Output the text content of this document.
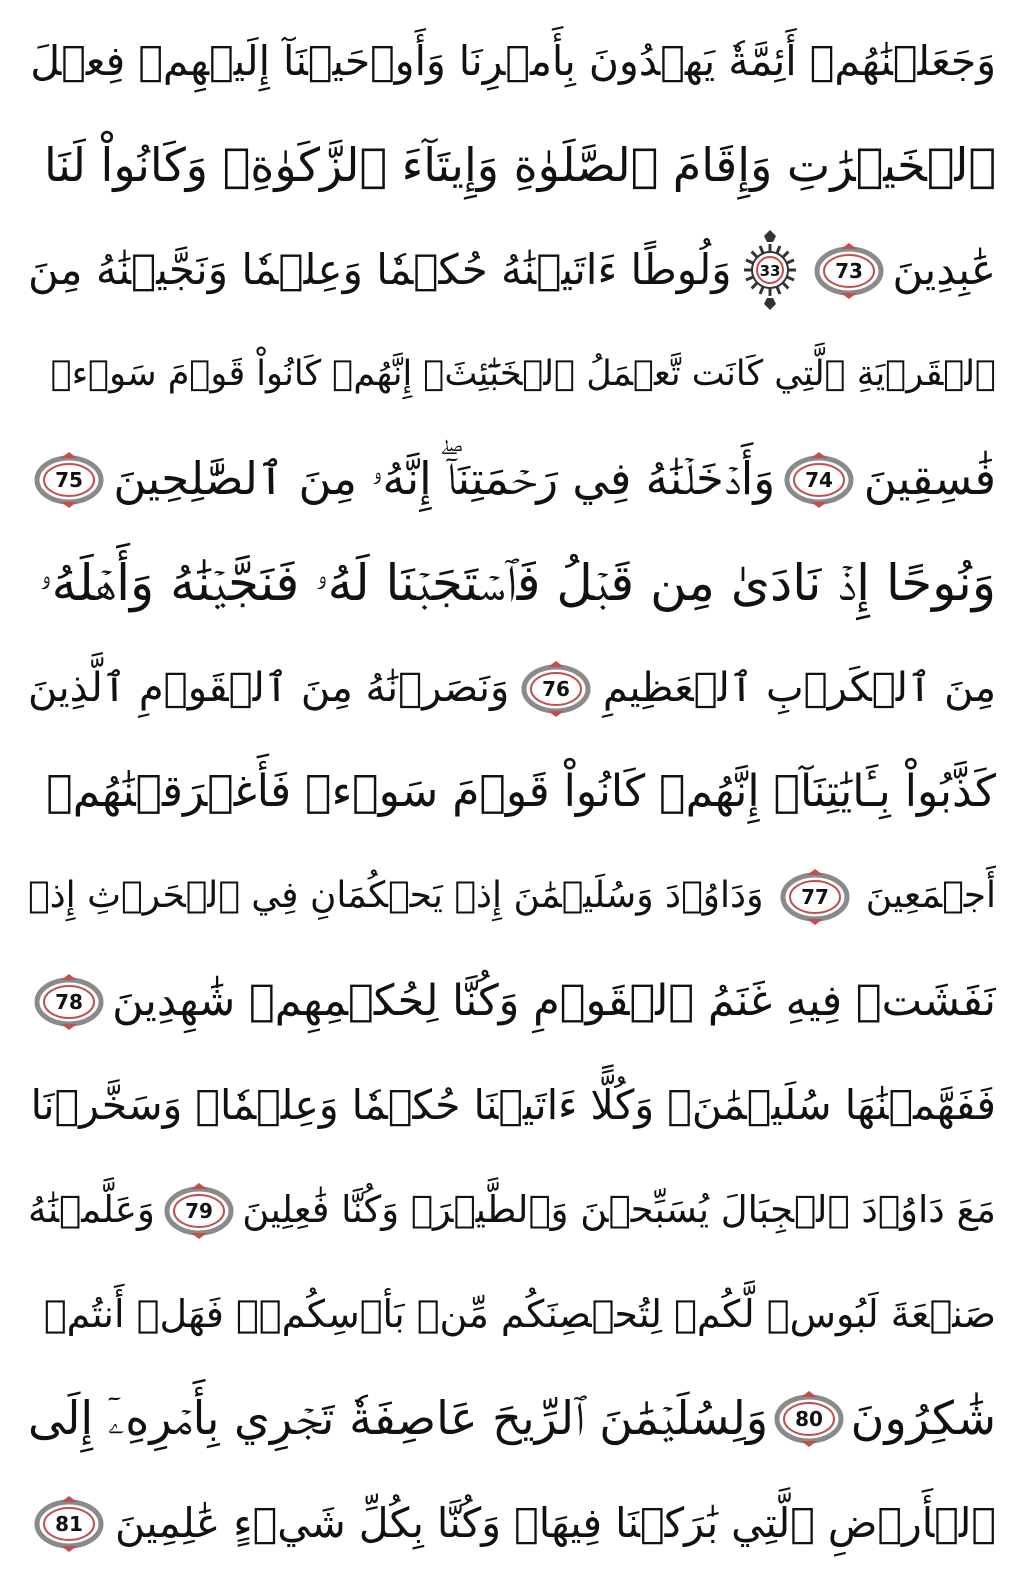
وَجَعَلۡنَٰهُمۡ أَئِمَّةٗ يَهۡدُونَ بِأَمۡرِنَا وَأَوۡحَيۡنَآ إِلَيۡهِمۡ فِعۡلَ
ٱلۡخَيۡرَٰتِ وَإِقَامَ ٱلصَّلَوٰةِ وَإِيتَآءَ ٱلزَّكَوٰةِۖ وَكَانُواْ لَنَا
عَٰبِدِينَ
73
33
وَلُوطًا ءَاتَيۡنَٰهُ حُكۡمٗا وَعِلۡمٗا وَنَجَّيۡنَٰهُ مِنَ
ٱلۡقَرۡيَةِ ٱلَّتِي كَانَت تَّعۡمَلُ ٱلۡخَبَٰٓئِثَۚ إِنَّهُمۡ كَانُواْ قَوۡمَ سَوۡءٖ
فَٰسِقِينَ
74
وَأَدۡخَلۡنَٰهُ فِي رَحۡمَتِنَآۖ إِنَّهُۥ مِنَ ٱلصَّٰلِحِينَ
75
وَنُوحًا إِذۡ نَادَىٰ مِن قَبۡلُ فَٱسۡتَجَبۡنَا لَهُۥ فَنَجَّيۡنَٰهُ وَأَهۡلَهُۥ
مِنَ ٱلۡكَرۡبِ ٱلۡعَظِيمِ
76
وَنَصَرۡنَٰهُ مِنَ ٱلۡقَوۡمِ ٱلَّذِينَ
كَذَّبُواْ بِـَٔايَٰتِنَآۚ إِنَّهُمۡ كَانُواْ قَوۡمَ سَوۡءٖ فَأَغۡرَقۡنَٰهُمۡ
أَجۡمَعِينَ
77
وَدَاوُۥدَ وَسُلَيۡمَٰنَ إِذۡ يَحۡكُمَانِ فِي ٱلۡحَرۡثِ إِذۡ
نَفَشَتۡ فِيهِ غَنَمُ ٱلۡقَوۡمِ وَكُنَّا لِحُكۡمِهِمۡ شَٰهِدِينَ
78
فَفَهَّمۡنَٰهَا سُلَيۡمَٰنَۚ وَكُلًّا ءَاتَيۡنَا حُكۡمٗا وَعِلۡمٗاۚ وَسَخَّرۡنَا
مَعَ دَاوُۥدَ ٱلۡجِبَالَ يُسَبِّحۡنَ وَٱلطَّيۡرَۚ وَكُنَّا فَٰعِلِينَ
79
وَعَلَّمۡنَٰهُ
صَنۡعَةَ لَبُوسٖ لَّكُمۡ لِتُحۡصِنَكُم مِّنۢ بَأۡسِكُمۡۖ فَهَلۡ أَنتُمۡ
شَٰكِرُونَ
80
وَلِسُلَيۡمَٰنَ ٱلرِّيحَ عَاصِفَةٗ تَجۡرِي بِأَمۡرِهِۦٓ إِلَى
ٱلۡأَرۡضِ ٱلَّتِي بَٰرَكۡنَا فِيهَاۚ وَكُنَّا بِكُلِّ شَيۡءٍ عَٰلِمِينَ
81
